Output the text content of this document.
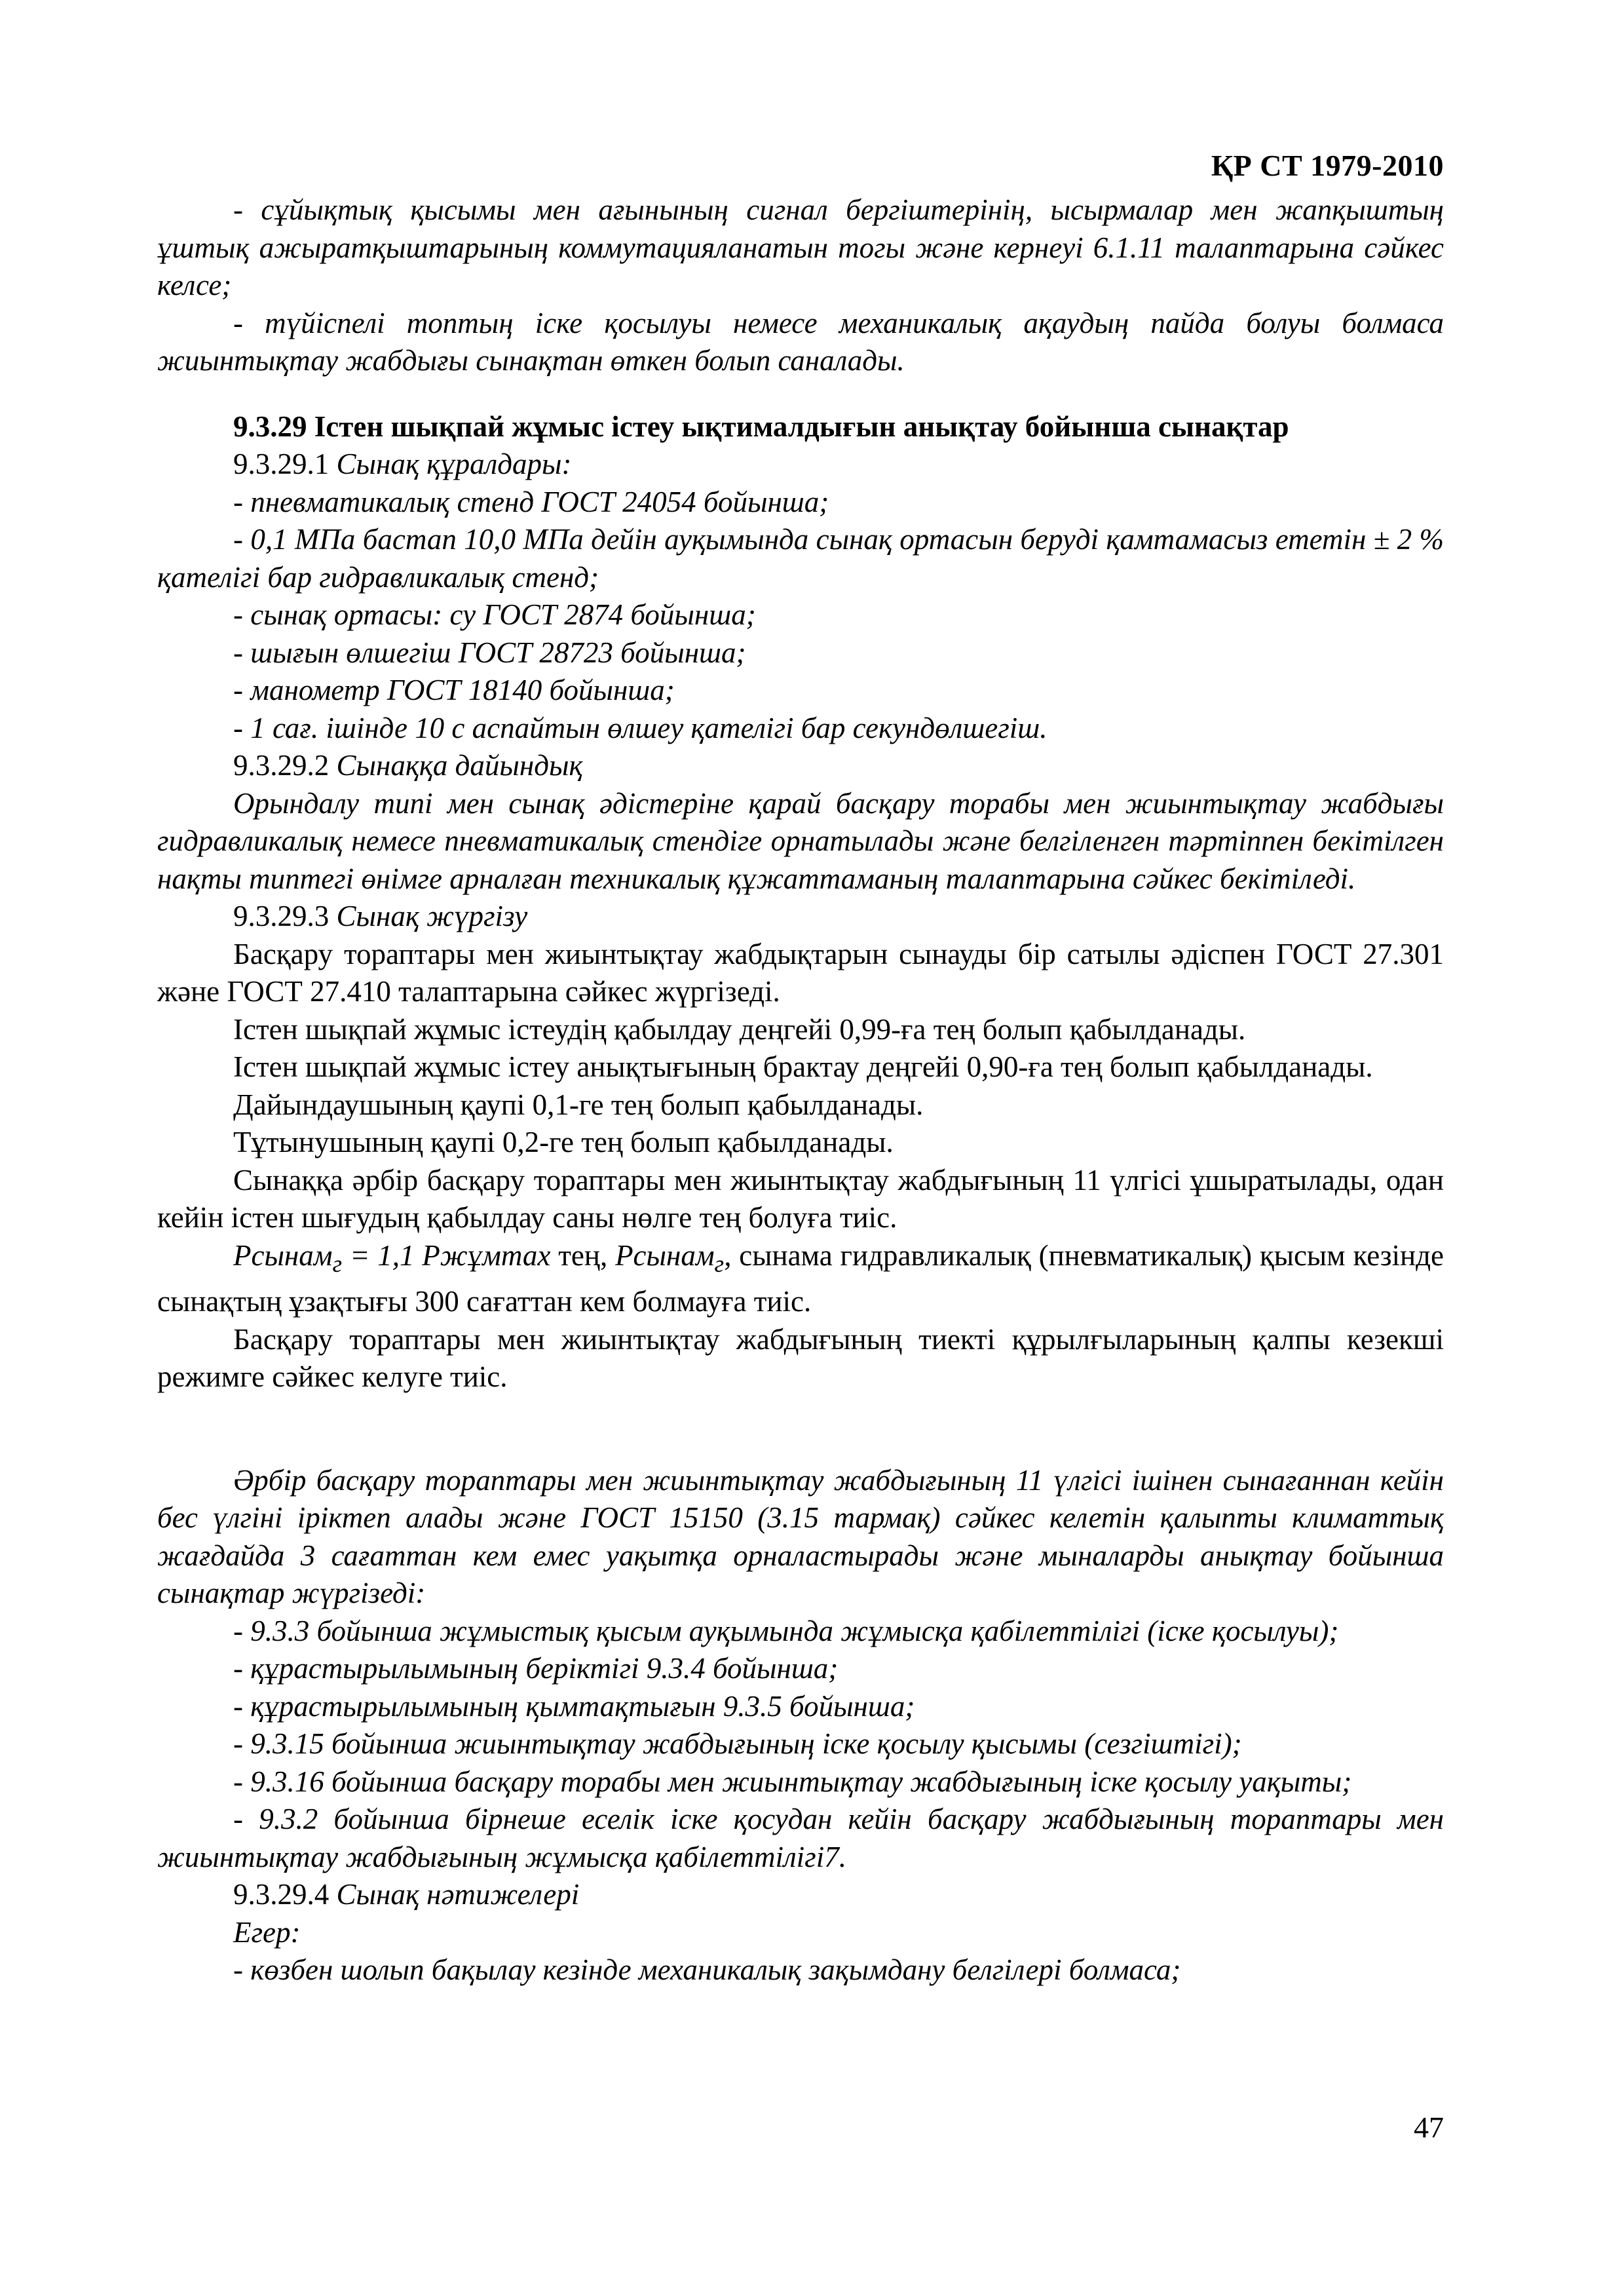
ҚР СТ 1979-2010

- сұйықтық қысымы мен ағынының сигнал бергіштерінің, ысырмалар мен жапқыштың ұштық ажыратқыштарының коммутацияланатын тогы және кернеуі 6.1.11 талаптарына сәйкес келсе;

- түйіспелі топтың іске қосылуы немесе механикалық ақаудың пайда болуы болмаса жиынтықтау жабдығы сынақтан өткен болып саналады.

9.3.29 Істен шықпай жұмыс істеу ықтималдығын анықтау бойынша сынақтар

9.3.29.1 Сынақ құралдары:

- пневматикалық стенд ГОСТ 24054 бойынша;

- 0,1 МПа бастап 10,0 МПа дейін ауқымында сынақ ортасын беруді қамтамасыз ететін ± 2 % қателігі бар гидравликалық стенд;

- сынақ ортасы: су ГОСТ 2874 бойынша;

- шығын өлшегіш ГОСТ 28723 бойынша;

- манометр ГОСТ 18140 бойынша;

- 1 сағ. ішінде 10 с аспайтын өлшеу қателігі бар секундөлшегіш.

9.3.29.2 Сынаққа дайындық

Орындалу типі мен сынақ әдістеріне қарай басқару торабы мен жиынтықтау жабдығы гидравликалық немесе пневматикалық стендіге орнатылады және белгіленген тәртіппен бекітілген нақты типтегі өнімге арналған техникалық құжаттаманың талаптарына сәйкес бекітіледі.

9.3.29.3 Сынақ жүргізу

Басқару тораптары мен жиынтықтау жабдықтарын сынауды бір сатылы әдіспен ГОСТ 27.301 және ГОСТ 27.410 талаптарына сәйкес жүргізеді.

Істен шықпай жұмыс істеудің қабылдау деңгейі 0,99-ға тең болып қабылданады.

Істен шықпай жұмыс істеу анықтығының брактау деңгейі 0,90-ға тең болып қабылданады.

Дайындаушының қаупі 0,1-ге тең болып қабылданады.

Тұтынушының қаупі 0,2-ге тең болып қабылданады.

Сынаққа әрбір басқару тораптары мен жиынтықтау жабдығының 11 үлгісі ұшыратылады, одан кейін істен шығудың қабылдау саны нөлге тең болуға тиіс.

Рсынам$_г$ = 1,1 Ржұмтах тең, Рсынам$_г$, сынама гидравликалық (пневматикалық) қысым кезінде сынақтың ұзақтығы 300 сағаттан кем болмауға тиіс.

Басқару тораптары мен жиынтықтау жабдығының тиекті құрылғыларының қалпы кезекші режимге сәйкес келуге тиіс.

Әрбір басқару тораптары мен жиынтықтау жабдығының 11 үлгісі ішінен сынағаннан кейін бес үлгіні іріктеп алады және ГОСТ 15150 (3.15 тармақ) сәйкес келетін қалыпты климаттық жағдайда 3 сағаттан кем емес уақытқа орналастырады және мыналарды анықтау бойынша сынақтар жүргізеді:

- 9.3.3 бойынша жұмыстық қысым ауқымында жұмысқа қабілеттілігі (іске қосылуы);

- құрастырылымының беріктігі 9.3.4 бойынша;

- құрастырылымының қымтақтығын 9.3.5 бойынша;

- 9.3.15 бойынша жиынтықтау жабдығының іске қосылу қысымы (сезгіштігі);

- 9.3.16 бойынша басқару торабы мен жиынтықтау жабдығының іске қосылу уақыты;

- 9.3.2 бойынша бірнеше еселік іске қосудан кейін басқару жабдығының тораптары мен жиынтықтау жабдығының жұмысқа қабілеттілігі7.

9.3.29.4 Сынақ нәтижелері

Егер:

- көзбен шолып бақылау кезінде механикалық зақымдану белгілері болмаса;

47
